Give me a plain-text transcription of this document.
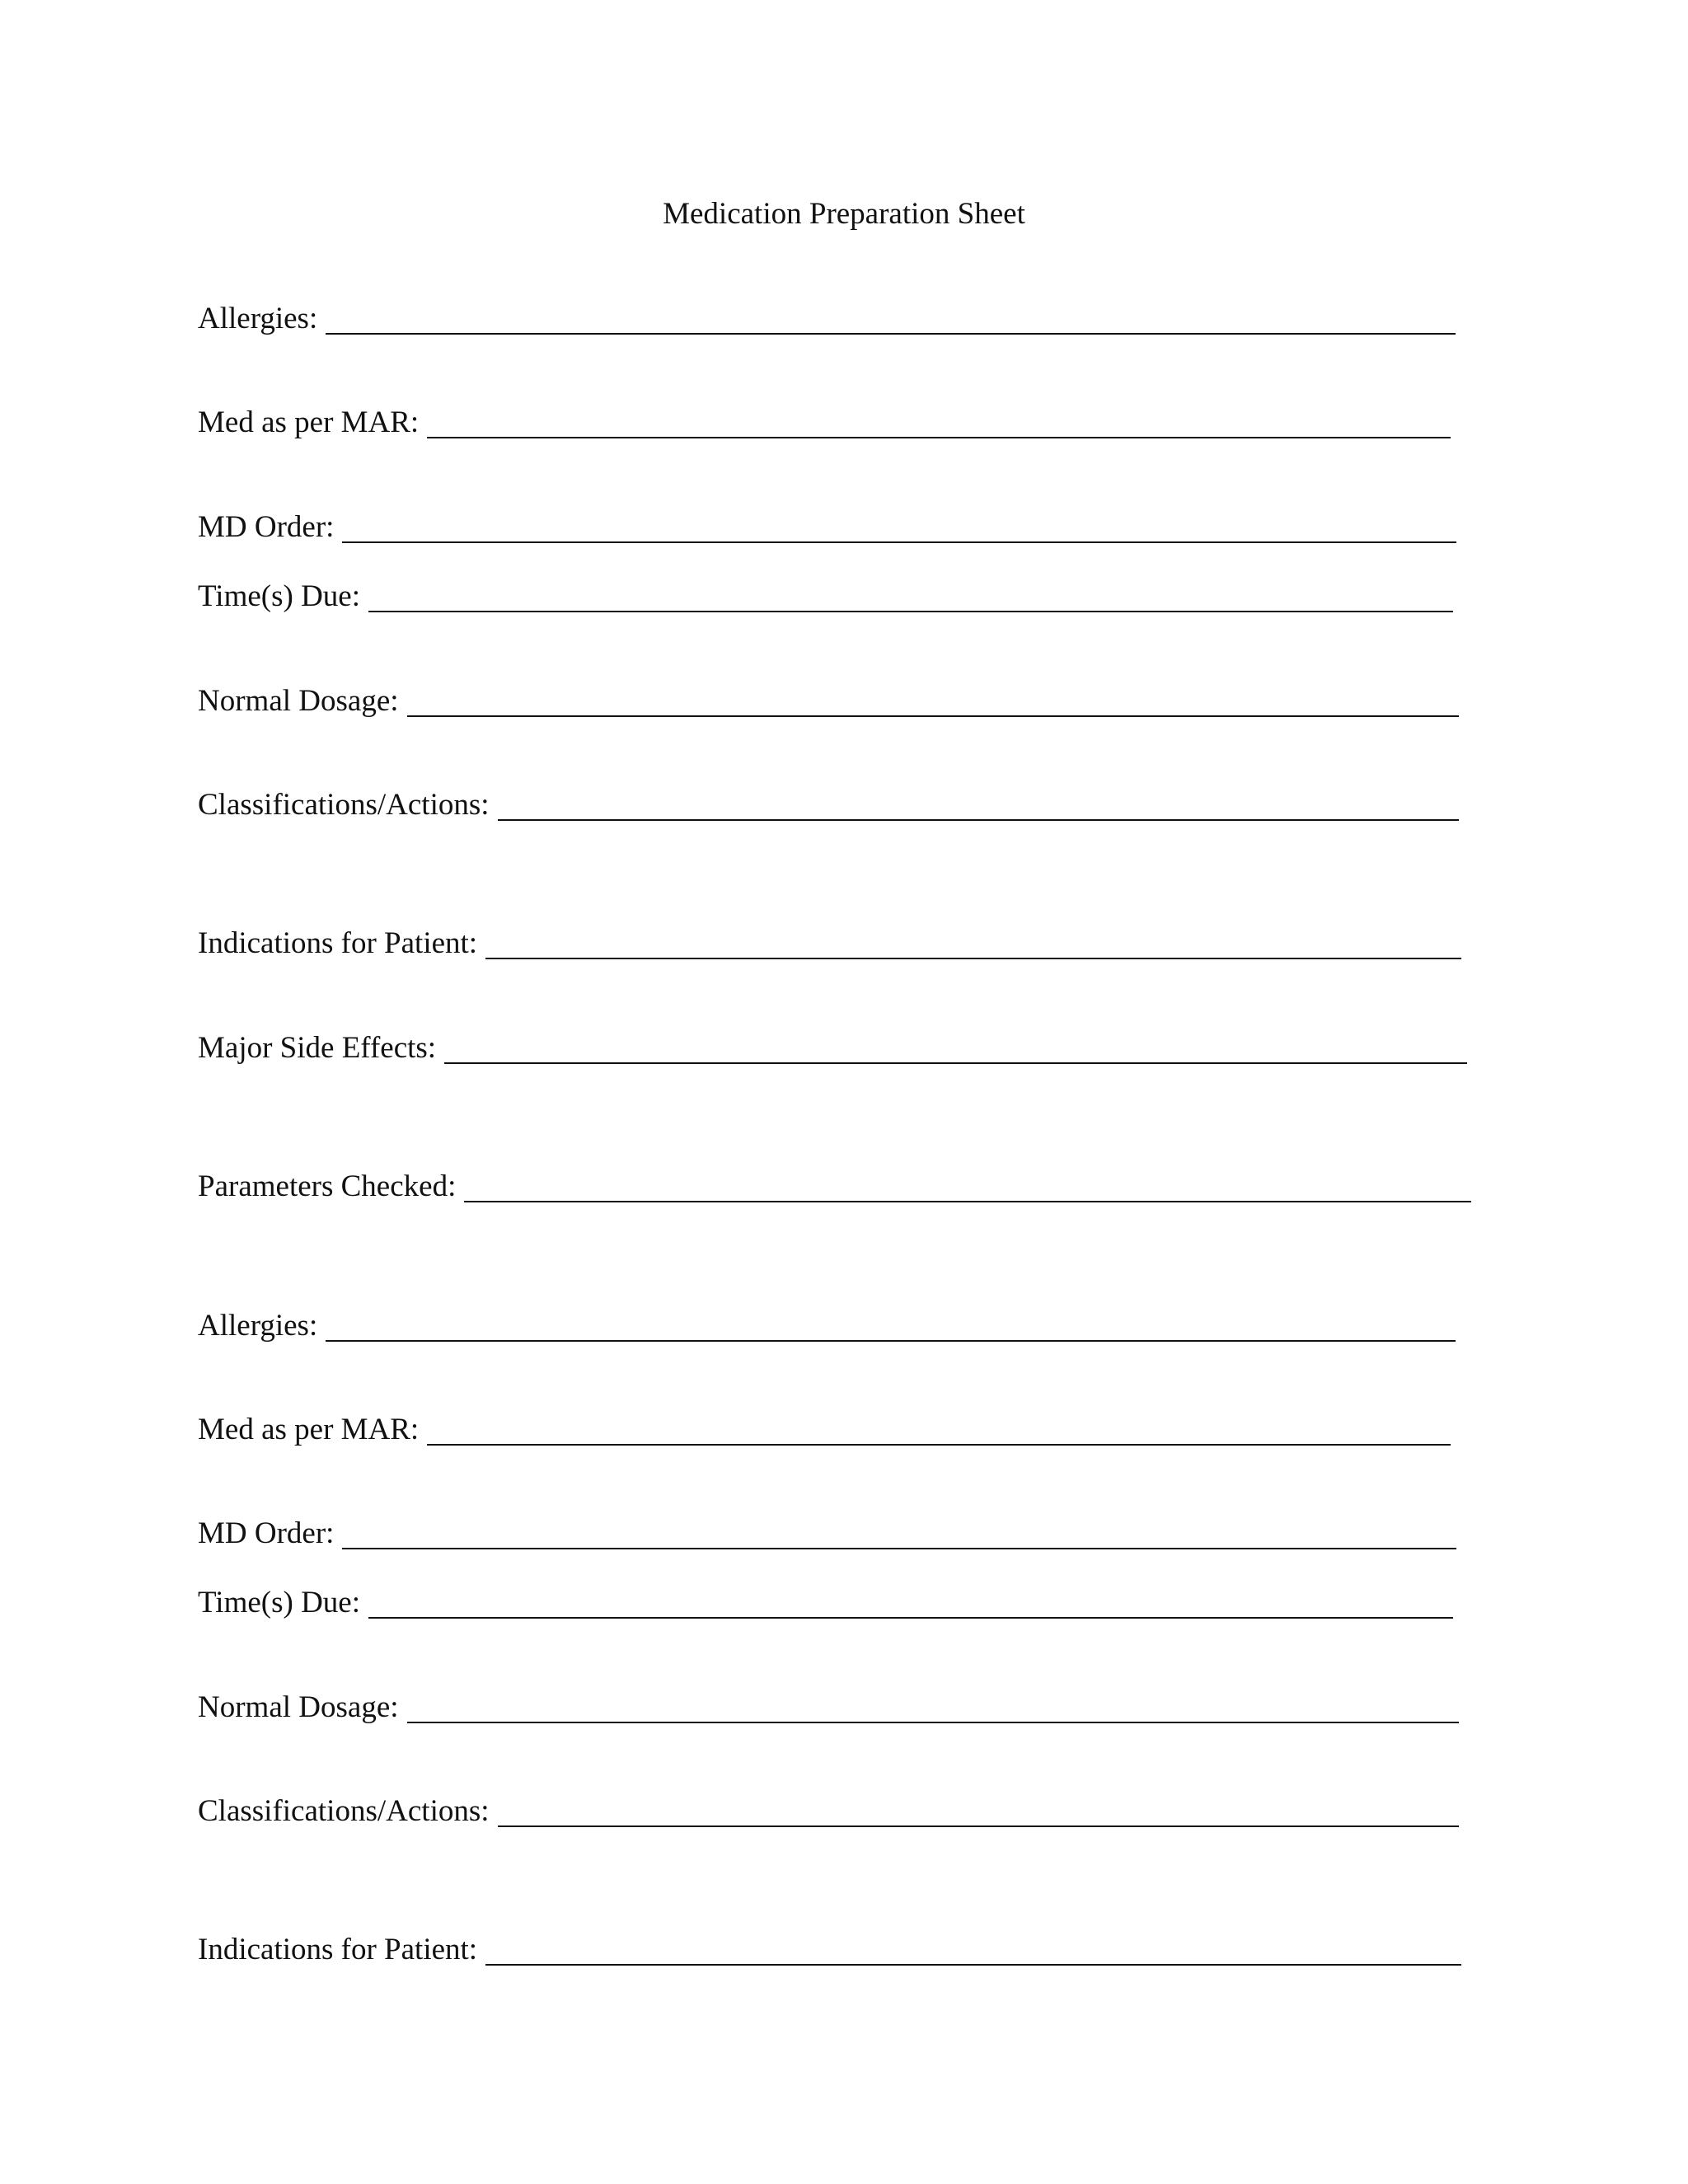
Medication Preparation Sheet
Allergies:
Med as per MAR:
MD Order:
Time(s) Due:
Normal Dosage:
Classifications/Actions:
Indications for Patient:
Major Side Effects:
Parameters Checked:
Allergies:
Med as per MAR:
MD Order:
Time(s) Due:
Normal Dosage:
Classifications/Actions:
Indications for Patient:
